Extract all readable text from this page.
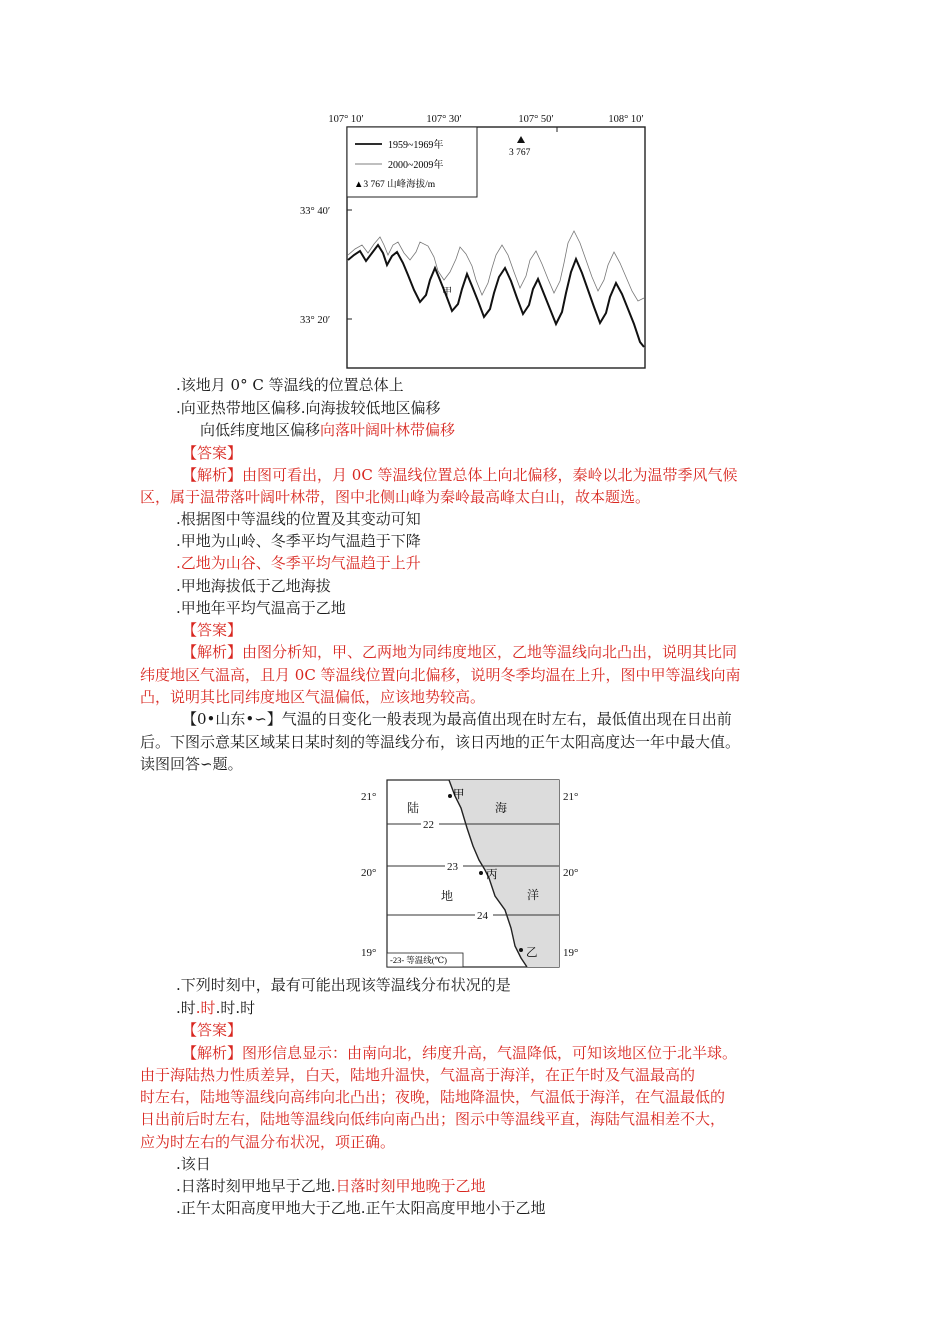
107° 10′	107° 30′	107° 50′	108° 10′
33° 40′
33° 20′
1959~1969年
2000~2009年
▲3 767 山峰海拔/m
3 767
甲
.该地月 0° C 等温线的位置总体上
.向亚热带地区偏移.向海拔较低地区偏移
向低纬度地区偏移向落叶阔叶林带偏移
【答案】
【解析】由图可看出，月 0C 等温线位置总体上向北偏移，秦岭以北为温带季风气候
区，属于温带落叶阔叶林带，图中北侧山峰为秦岭最高峰太白山，故本题选。
.根据图中等温线的位置及其变动可知
.甲地为山岭、冬季平均气温趋于下降
.乙地为山谷、冬季平均气温趋于上升
.甲地海拔低于乙地海拔
.甲地年平均气温高于乙地
【答案】
【解析】由图分析知，甲、乙两地为同纬度地区，乙地等温线向北凸出，说明其比同
纬度地区气温高，且月 0C 等温线位置向北偏移，说明冬季均温在上升，图中甲等温线向南
凸，说明其比同纬度地区气温偏低，应该地势较高。
【0•山东•∽】气温的日变化一般表现为最高值出现在时左右，最低值出现在日出前
后。下图示意某区域某日某时刻的等温线分布，该日丙地的正午太阳高度达一年中最大值。
读图回答∽题。
22
23
24
21°
20°
19°
21°
20°
19°
陆
地
海
洋
甲
丙
乙
-23- 等温线(℃)
.下列时刻中，最有可能出现该等温线分布状况的是
.时.时.时.时
【答案】
【解析】图形信息显示：由南向北，纬度升高，气温降低，可知该地区位于北半球。
由于海陆热力性质差异，白天，陆地升温快，气温高于海洋，在正午时及气温最高的
时左右，陆地等温线向高纬向北凸出；夜晚，陆地降温快，气温低于海洋，在气温最低的
日出前后时左右，陆地等温线向低纬向南凸出；图示中等温线平直，海陆气温相差不大，
应为时左右的气温分布状况，项正确。
.该日
.日落时刻甲地早于乙地.日落时刻甲地晚于乙地
.正午太阳高度甲地大于乙地.正午太阳高度甲地小于乙地
